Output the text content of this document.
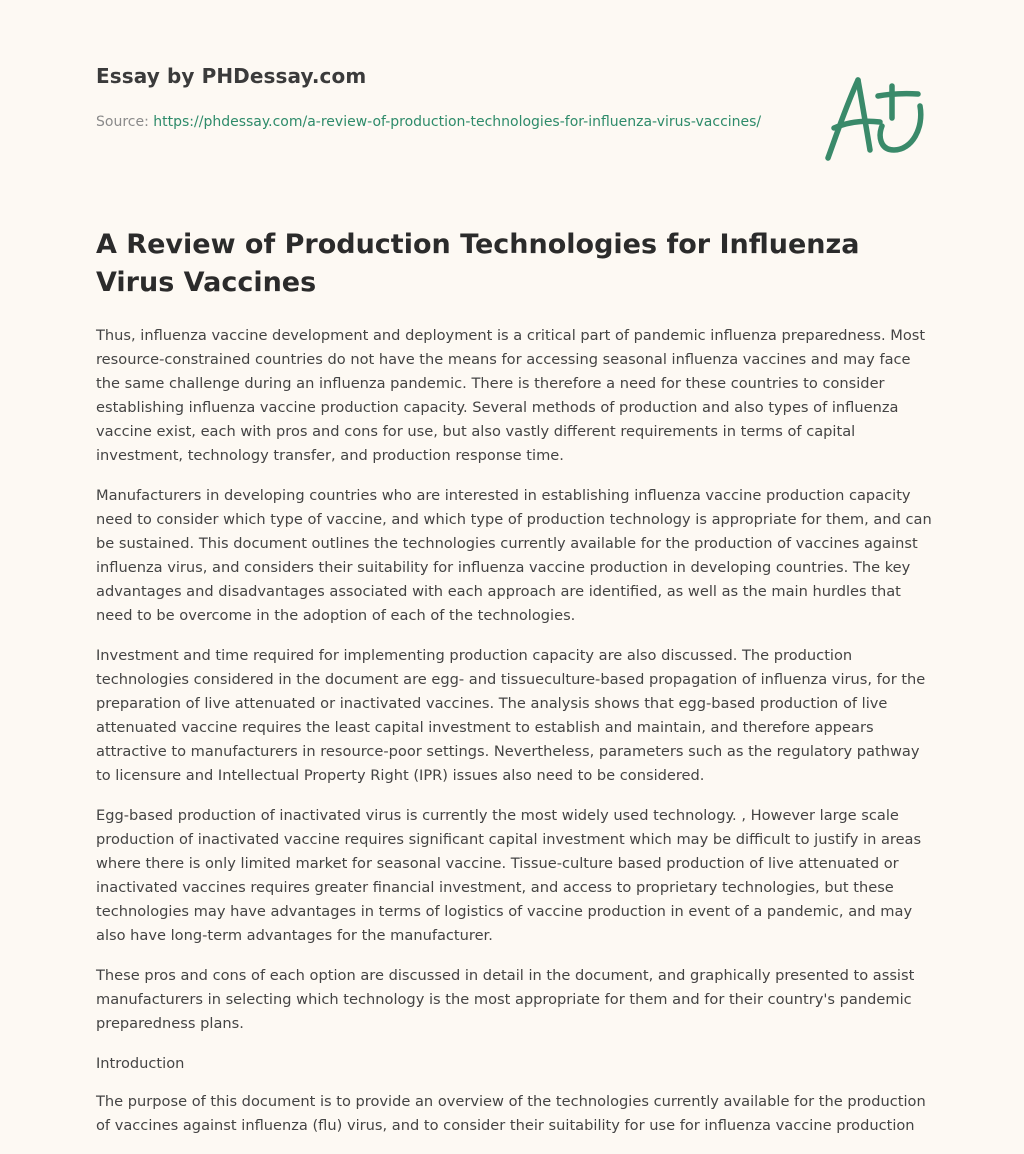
Essay by PHDessay.com

Source: https://phdessay.com/a-review-of-production-technologies-for-influenza-virus-vaccines/

A Review of Production Technologies for Influenza Virus Vaccines

Thus, influenza vaccine development and deployment is a critical part of pandemic influenza preparedness. Most resource-constrained countries do not have the means for accessing seasonal influenza vaccines and may face the same challenge during an influenza pandemic. There is therefore a need for these countries to consider establishing influenza vaccine production capacity. Several methods of production and also types of influenza vaccine exist, each with pros and cons for use, but also vastly different requirements in terms of capital investment, technology transfer, and production response time.

Manufacturers in developing countries who are interested in establishing influenza vaccine production capacity need to consider which type of vaccine, and which type of production technology is appropriate for them, and can be sustained. This document outlines the technologies currently available for the production of vaccines against influenza virus, and considers their suitability for influenza vaccine production in developing countries. The key advantages and disadvantages associated with each approach are identified, as well as the main hurdles that need to be overcome in the adoption of each of the technologies.

Investment and time required for implementing production capacity are also discussed. The production technologies considered in the document are egg- and tissueculture-based propagation of influenza virus, for the preparation of live attenuated or inactivated vaccines. The analysis shows that egg-based production of live attenuated vaccine requires the least capital investment to establish and maintain, and therefore appears attractive to manufacturers in resource-poor settings. Nevertheless, parameters such as the regulatory pathway to licensure and Intellectual Property Right (IPR) issues also need to be considered.

Egg-based production of inactivated virus is currently the most widely used technology. , However large scale production of inactivated vaccine requires significant capital investment which may be difficult to justify in areas where there is only limited market for seasonal vaccine. Tissue-culture based production of live attenuated or inactivated vaccines requires greater financial investment, and access to proprietary technologies, but these technologies may have advantages in terms of logistics of vaccine production in event of a pandemic, and may also have long-term advantages for the manufacturer.

These pros and cons of each option are discussed in detail in the document, and graphically presented to assist manufacturers in selecting which technology is the most appropriate for them and for their country's pandemic preparedness plans.

Introduction

The purpose of this document is to provide an overview of the technologies currently available for the production of vaccines against influenza (flu) virus, and to consider their suitability for use for influenza vaccine production
